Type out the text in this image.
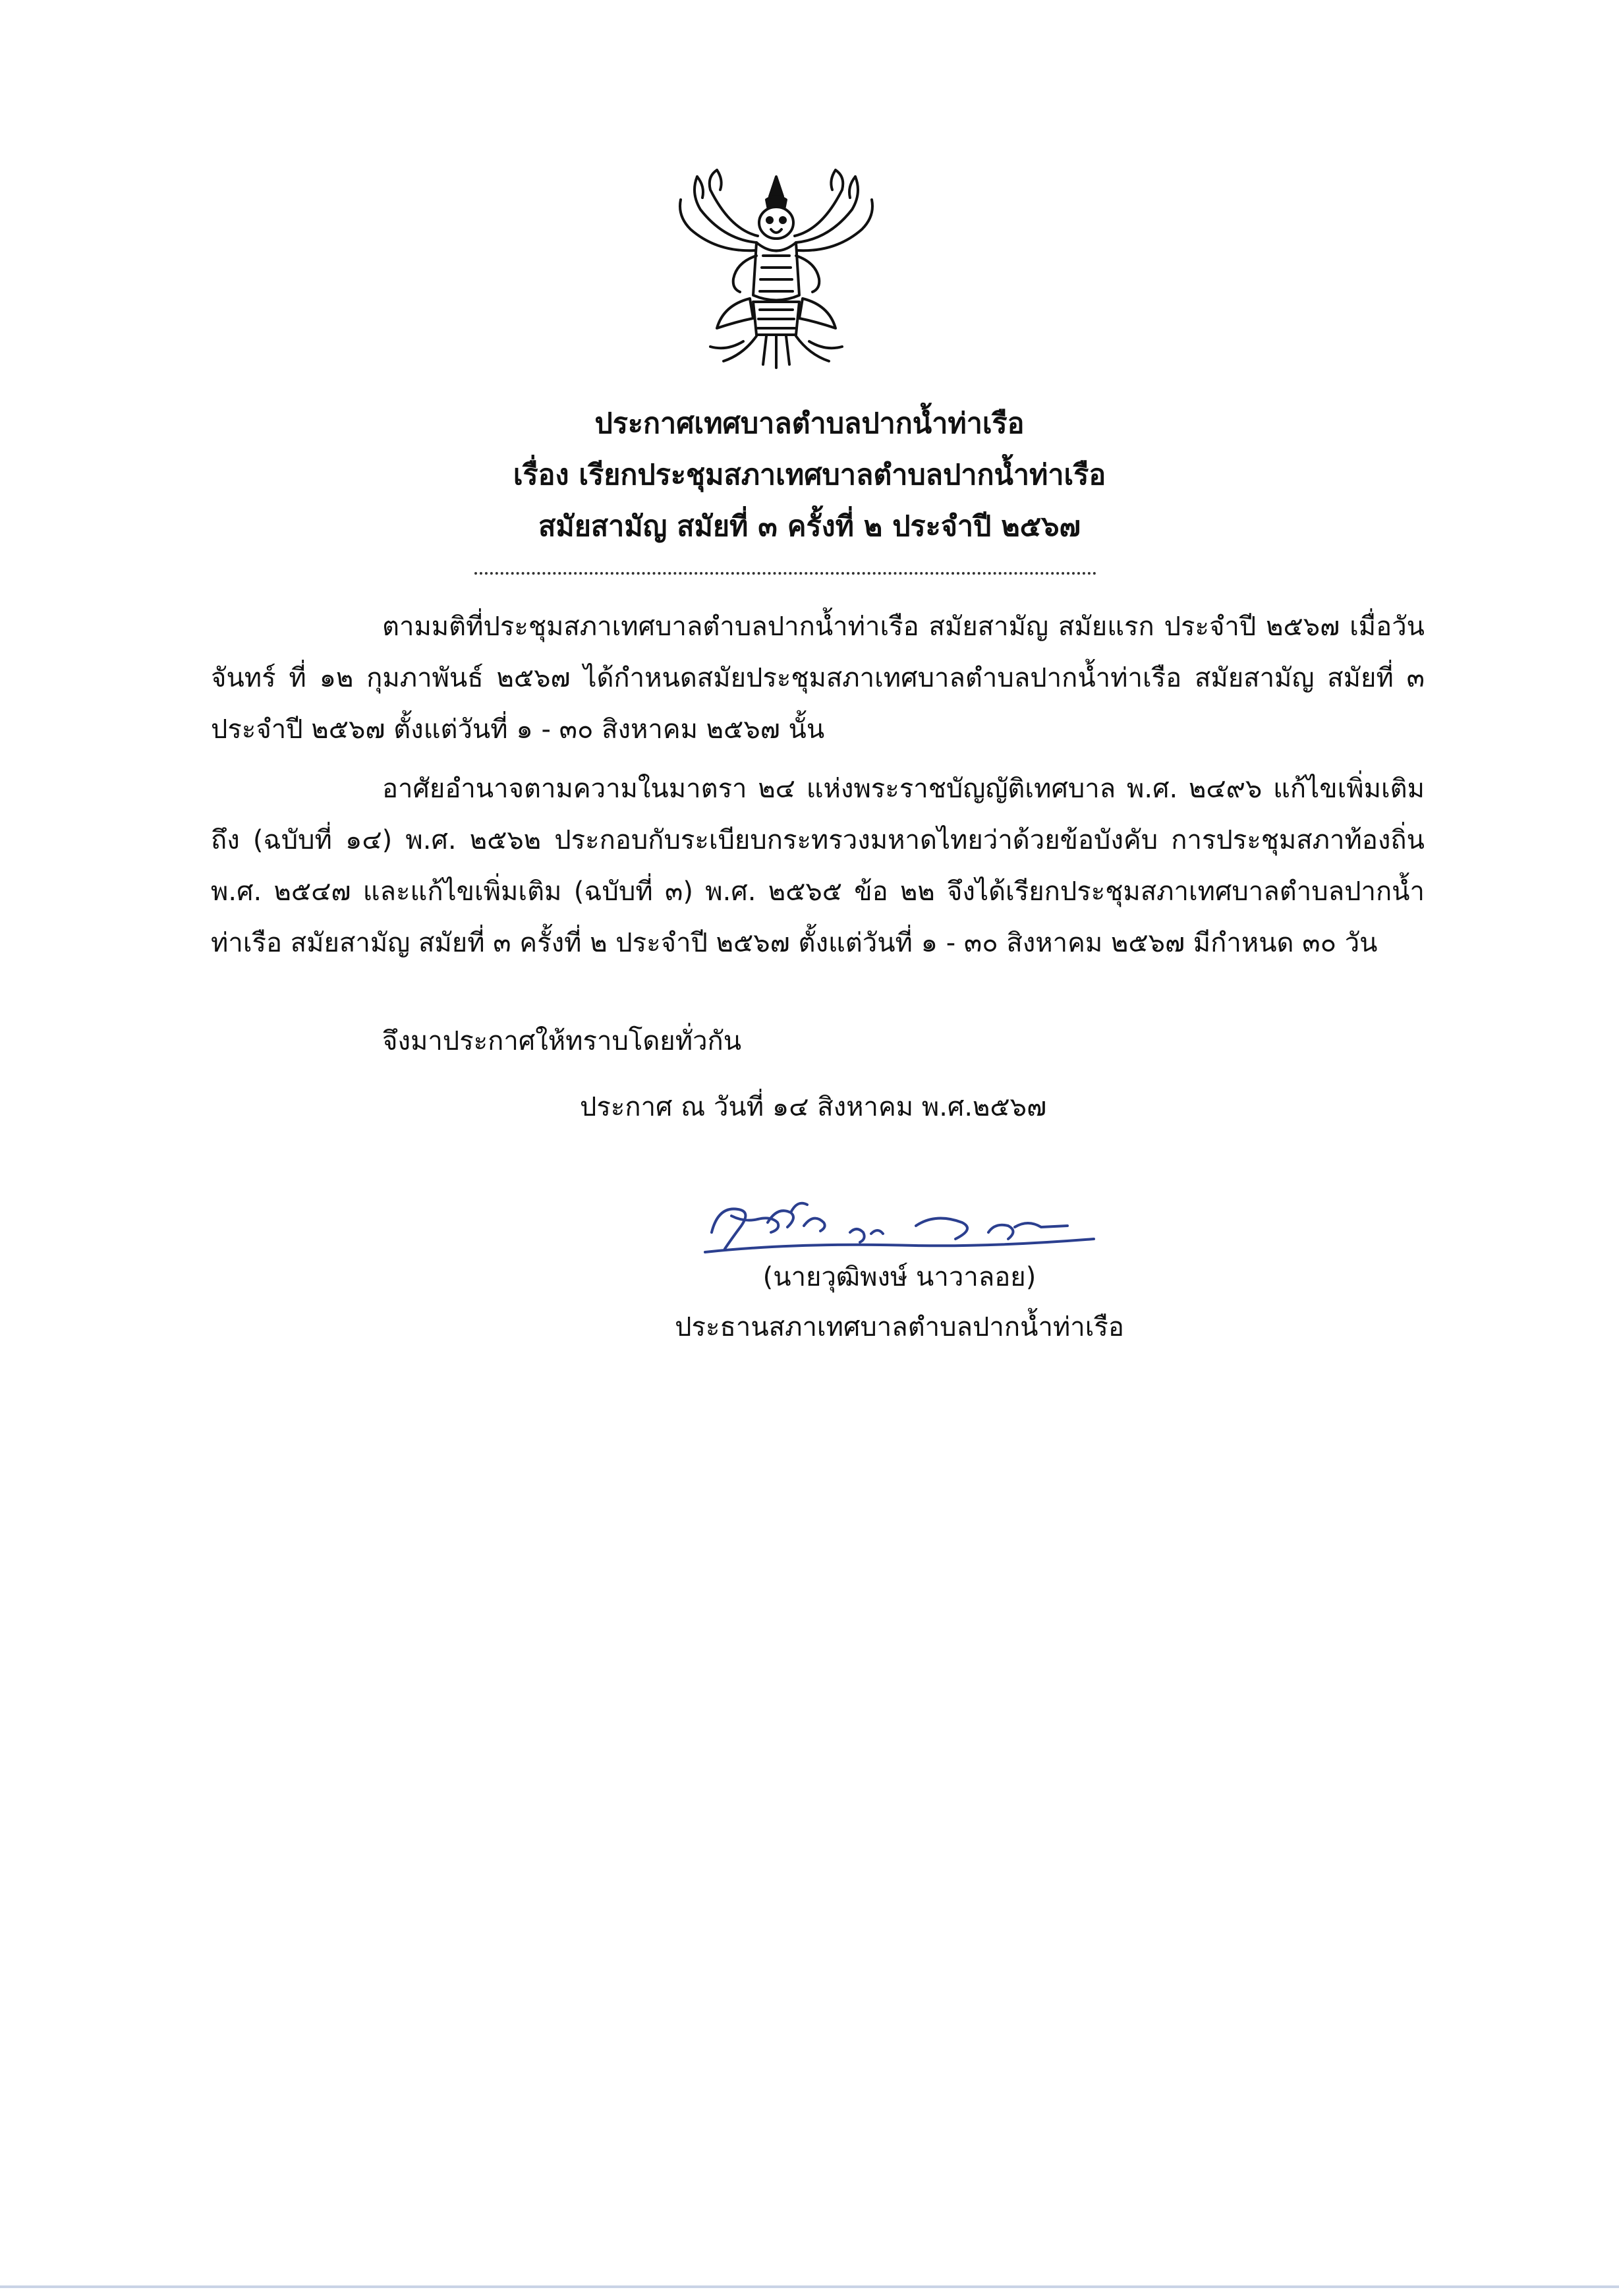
ประกาศเทศบาลตำบลปากน้ำท่าเรือ
เรื่อง เรียกประชุมสภาเทศบาลตำบลปากน้ำท่าเรือ
สมัยสามัญ สมัยที่ ๓ ครั้งที่ ๒ ประจำปี ๒๕๖๗

ตามมติที่ประชุมสภาเทศบาลตำบลปากน้ำท่าเรือ สมัยสามัญ สมัยแรก ประจำปี ๒๕๖๗ เมื่อวันจันทร์ ที่ ๑๒ กุมภาพันธ์ ๒๕๖๗ ได้กำหนดสมัยประชุมสภาเทศบาลตำบลปากน้ำท่าเรือ สมัยสามัญ สมัยที่ ๓ ประจำปี ๒๕๖๗ ตั้งแต่วันที่ ๑ - ๓๐ สิงหาคม ๒๕๖๗ นั้น

อาศัยอำนาจตามความในมาตรา ๒๔ แห่งพระราชบัญญัติเทศบาล พ.ศ. ๒๔๙๖ แก้ไขเพิ่มเติมถึง (ฉบับที่ ๑๔) พ.ศ. ๒๕๖๒ ประกอบกับระเบียบกระทรวงมหาดไทยว่าด้วยข้อบังคับ การประชุมสภาท้องถิ่น พ.ศ. ๒๕๔๗ และแก้ไขเพิ่มเติม (ฉบับที่ ๓) พ.ศ. ๒๕๖๕ ข้อ ๒๒ จึงได้เรียกประชุมสภาเทศบาลตำบลปากน้ำท่าเรือ สมัยสามัญ สมัยที่ ๓ ครั้งที่ ๒ ประจำปี ๒๕๖๗ ตั้งแต่วันที่ ๑ - ๓๐ สิงหาคม ๒๕๖๗ มีกำหนด ๓๐ วัน

จึงมาประกาศให้ทราบโดยทั่วกัน
ประกาศ ณ วันที่ ๑๔ สิงหาคม พ.ศ.๒๕๖๗
(นายวุฒิพงษ์ นาวาลอย)
ประธานสภาเทศบาลตำบลปากน้ำท่าเรือ
